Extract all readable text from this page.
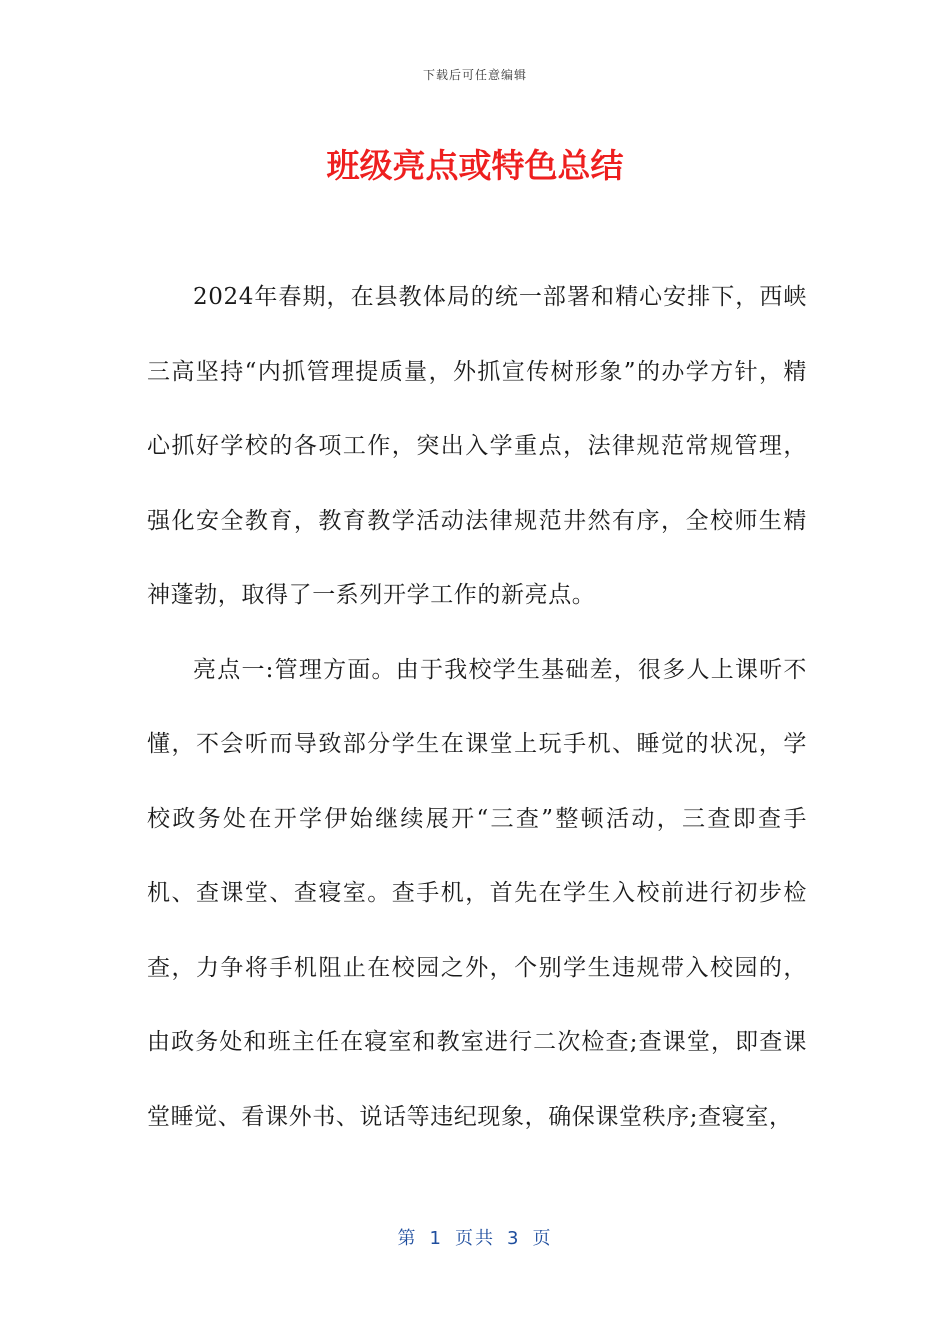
下载后可任意编辑
班级亮点或特色总结

2024年春期，在县教体局的统一部署和精心安排下，西峡三高坚持“内抓管理提质量，外抓宣传树形象”的办学方针，精心抓好学校的各项工作，突出入学重点，法律规范常规管理，强化安全教育，教育教学活动法律规范井然有序，全校师生精神蓬勃，取得了一系列开学工作的新亮点。

亮点一:管理方面。由于我校学生基础差，很多人上课听不懂，不会听而导致部分学生在课堂上玩手机、睡觉的状况，学校政务处在开学伊始继续展开“三查”整顿活动，三查即查手机、查课堂、查寝室。查手机，首先在学生入校前进行初步检查，力争将手机阻止在校园之外，个别学生违规带入校园的，由政务处和班主任在寝室和教室进行二次检查;查课堂，即查课堂睡觉、看课外书、说话等违纪现象，确保课堂秩序;查寝室，

第 1 页共 3 页
